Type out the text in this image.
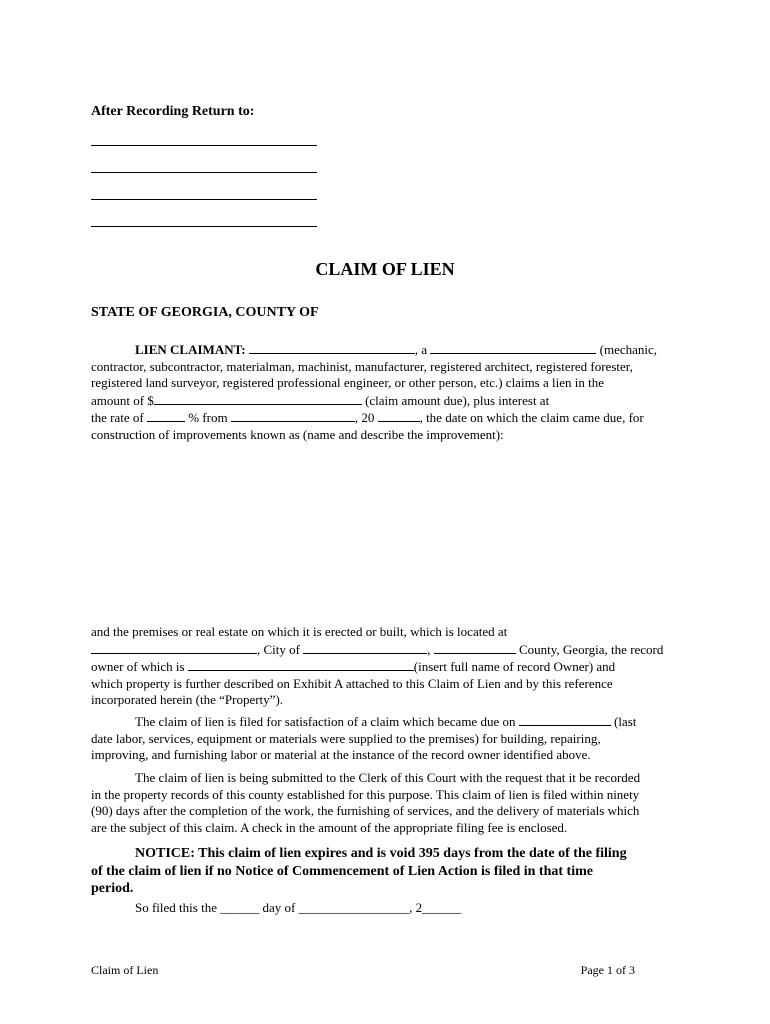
After Recording Return to:
CLAIM OF LIEN
STATE OF GEORGIA, COUNTY OF
LIEN CLAIMANT:	, a	(mechanic,
contractor, subcontractor, materialman, machinist, manufacturer, registered architect, registered forester,
registered land surveyor, registered professional engineer, or other person, etc.) claims a lien in the
amount of $	(claim amount due), plus interest at
the rate of	% from	, 20	, the date on which the claim came due, for
construction of improvements known as (name and describe the improvement):
and the premises or real estate on which it is erected or built, which is located at
, City of	,	County, Georgia, the record
owner of which is	(insert full name of record Owner) and
which property is further described on Exhibit A attached to this Claim of Lien and by this reference
incorporated herein (the “Property”).
The claim of lien is filed for satisfaction of a claim which became due on	(last
date labor, services, equipment or materials were supplied to the premises) for building, repairing,
improving, and furnishing labor or material at the instance of the record owner identified above.
The claim of lien is being submitted to the Clerk of this Court with the request that it be recorded
in the property records of this county established for this purpose. This claim of lien is filed within ninety
(90) days after the completion of the work, the furnishing of services, and the delivery of materials which
are the subject of this claim. A check in the amount of the appropriate filing fee is enclosed.
NOTICE: This claim of lien expires and is void 395 days from the date of the filing
of the claim of lien if no Notice of Commencement of Lien Action is filed in that time
period.
So filed this the ______ day of _________________, 2______
Claim of Lien	Page 1 of 3
